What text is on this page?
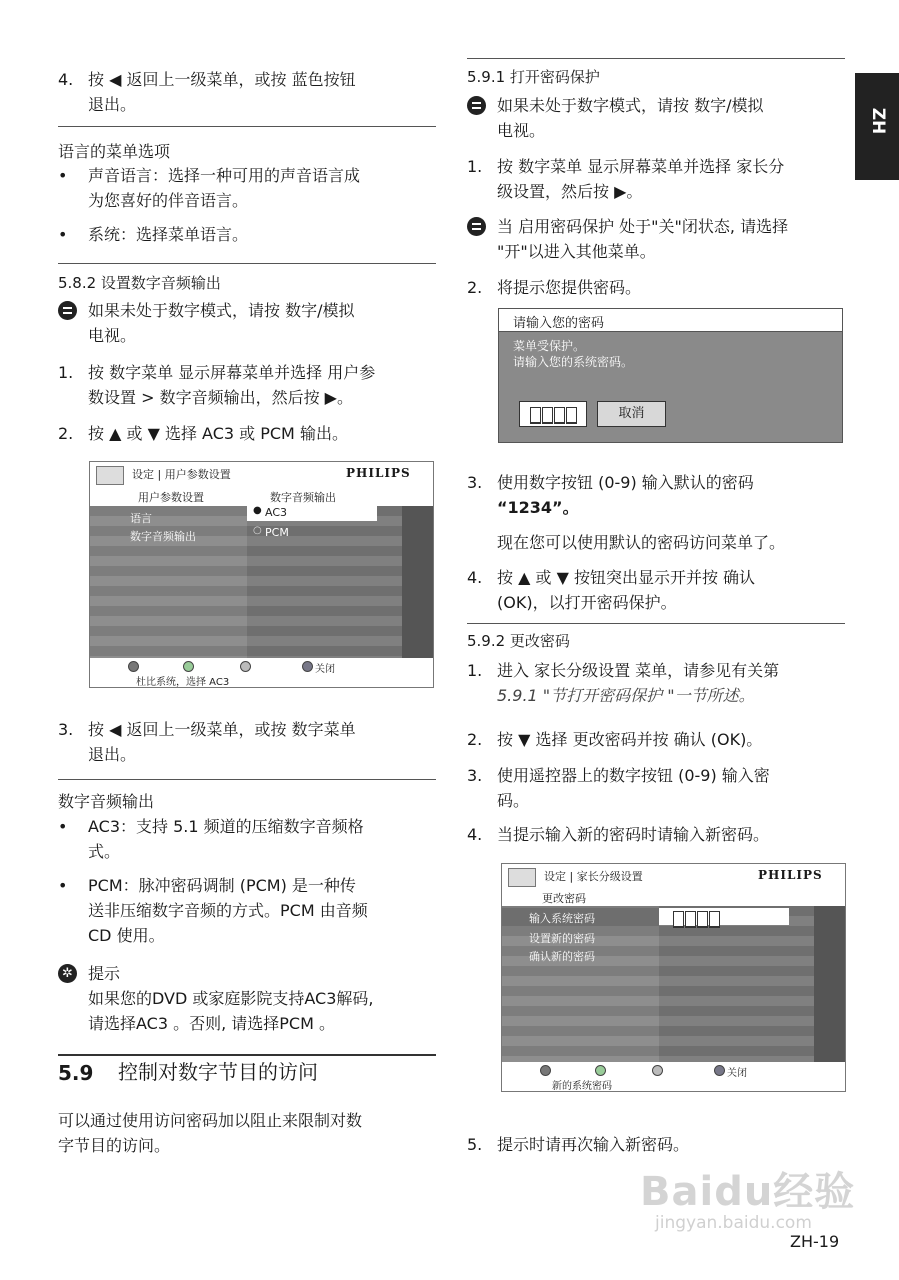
ZH
4. 按 ◀ 返回上一级菜单，或按 蓝色按钮
退出。
语言的菜单选项
• 声音语言：选择一种可用的声音语言成
为您喜好的伴音语言。
• 系统：选择菜单语言。
5.8.2 设置数字音频输出
如果未处于数字模式，请按 数字/模拟
电视。
1. 按 数字菜单 显示屏幕菜单并选择 用户参
数设置 > 数字音频输出，然后按 ▶。
2. 按 ▲ 或 ▼ 选择 AC3 或 PCM 输出。
设定 | 用户参数设置	PHILIPS
用户参数设置	数字音频输出
语言
数字音频输出
● AC3
○ PCM
关闭
杜比系统，选择 AC3
3. 按 ◀ 返回上一级菜单，或按 数字菜单
退出。
数字音频输出
• AC3：支持 5.1 频道的压缩数字音频格
式。
• PCM：脉冲密码调制 (PCM) 是一种传
送非压缩数字音频的方式。PCM 由音频
CD 使用。
✲ 提示
如果您的DVD 或家庭影院支持AC3解码,
请选择AC3 。否则, 请选择PCM 。
5.9 控制对数字节目的访问
可以通过使用访问密码加以阻止来限制对数
字节目的访问。
5.9.1 打开密码保护
如果未处于数字模式，请按 数字/模拟
电视。
1. 按 数字菜单 显示屏幕菜单并选择 家长分
级设置，然后按 ▶。
当 启用密码保护 处于"关"闭状态, 请选择
"开"以进入其他菜单。
2. 将提示您提供密码。
请输入您的密码
菜单受保护。
请输入您的系统密码。
取消
3. 使用数字按钮 (0-9) 输入默认的密码
“1234”。
现在您可以使用默认的密码访问菜单了。
4. 按 ▲ 或 ▼ 按钮突出显示开并按 确认
(OK)，以打开密码保护。
5.9.2 更改密码
1. 进入 家长分级设置 菜单，请参见有关第
5.9.1 "节打开密码保护 "一节所述。
2. 按 ▼ 选择 更改密码并按 确认 (OK)。
3. 使用遥控器上的数字按钮 (0-9) 输入密
码。
4. 当提示输入新的密码时请输入新密码。
设定 | 家长分级设置	PHILIPS
更改密码
输入系统密码
设置新的密码
确认新的密码
关闭
新的系统密码
5. 提示时请再次输入新密码。
Baidu经验
jingyan.baidu.com
ZH-19
